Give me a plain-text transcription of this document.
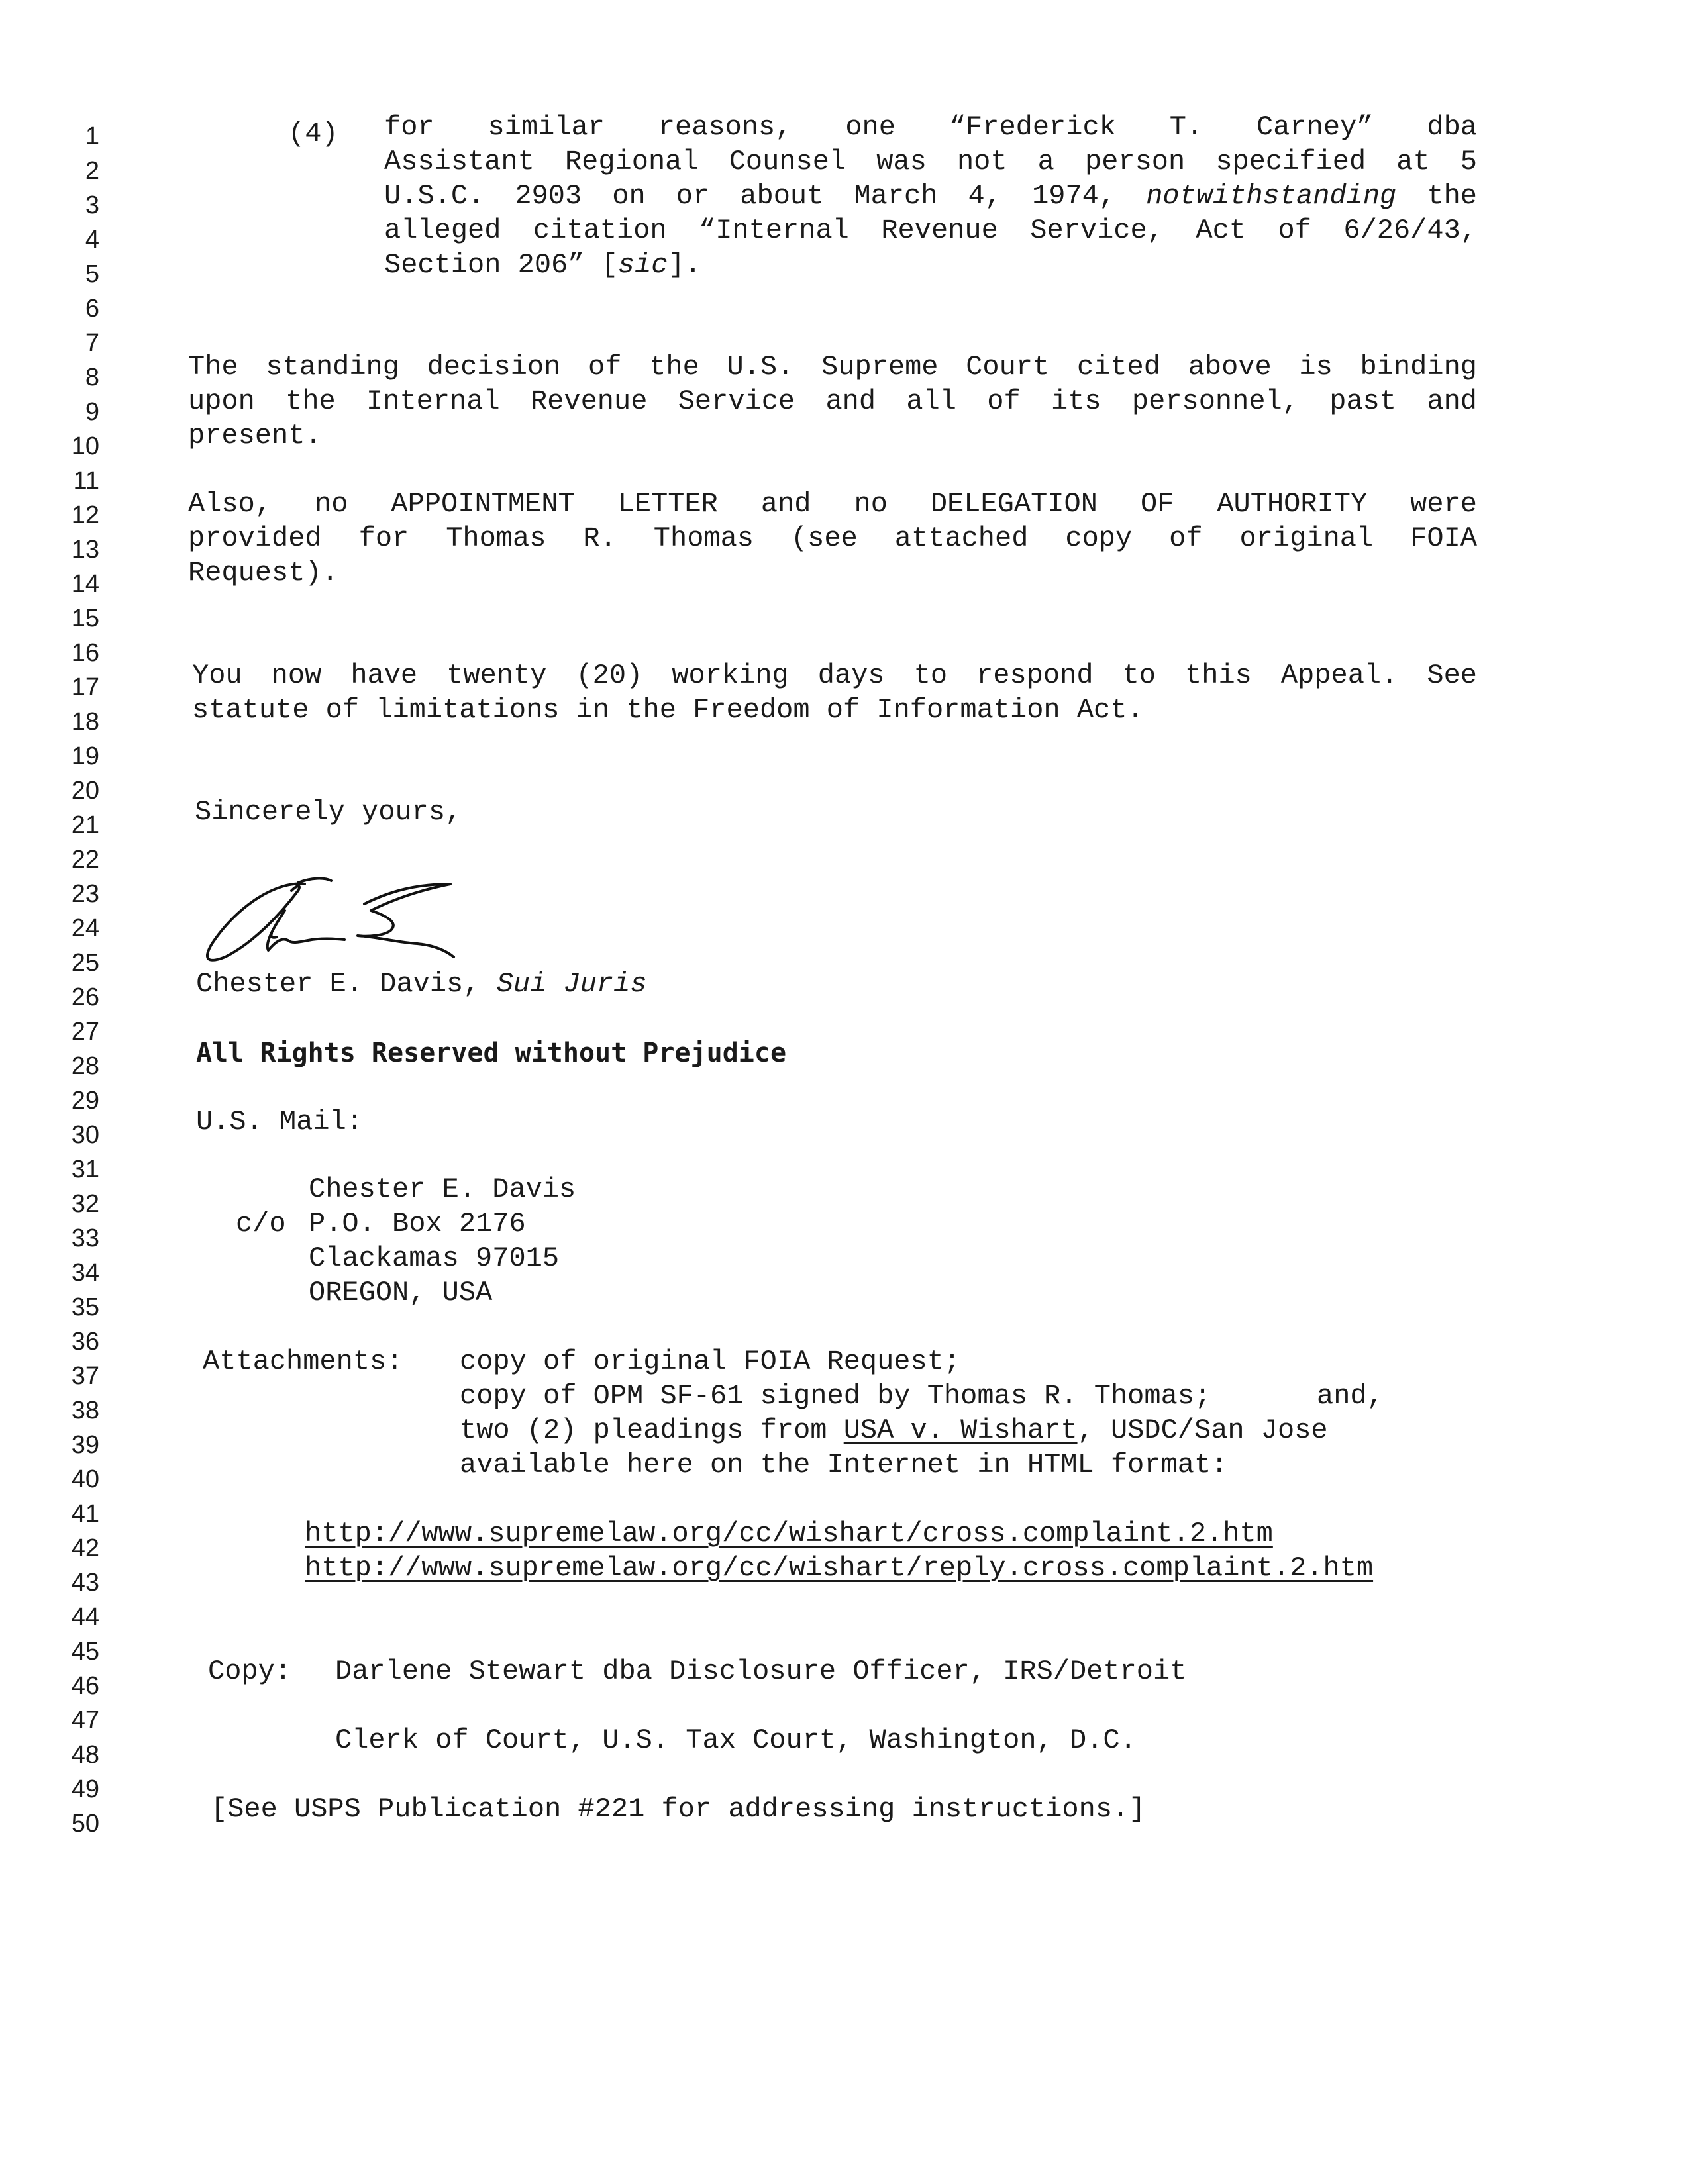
1
2
3
4
5
6
7
8
9
10
11
12
13
14
15
16
17
18
19
20
21
22
23
24
25
26
27
28
29
30
31
32
33
34
35
36
37
38
39
40
41
42
43
44
45
46
47
48
49
50
(4) for similar reasons, one “Frederick T. Carney” dba
Assistant Regional Counsel was not a person specified at 5
U.S.C. 2903 on or about March 4, 1974, notwithstanding the
alleged citation “Internal Revenue Service, Act of 6/26/43,
Section 206” [sic].
The standing decision of the U.S. Supreme Court cited above is binding
upon the Internal Revenue Service and all of its personnel, past and
present.
Also, no APPOINTMENT LETTER and no DELEGATION OF AUTHORITY were
provided for Thomas R. Thomas (see attached copy of original FOIA
Request).
You now have twenty (20) working days to respond to this Appeal. See
statute of limitations in the Freedom of Information Act.
Sincerely yours,
Chester E. Davis, Sui Juris
All Rights Reserved without Prejudice
U.S. Mail:
Chester E. Davis
c/o P.O. Box 2176
Clackamas 97015
OREGON, USA
Attachments: copy of original FOIA Request;
copy of OPM SF-61 signed by Thomas R. Thomas;	and,
two (2) pleadings from USA v. Wishart, USDC/San Jose
available here on the Internet in HTML format:
http://www.supremelaw.org/cc/wishart/cross.complaint.2.htm
http://www.supremelaw.org/cc/wishart/reply.cross.complaint.2.htm
Copy: Darlene Stewart dba Disclosure Officer, IRS/Detroit
Clerk of Court, U.S. Tax Court, Washington, D.C.
[See USPS Publication #221 for addressing instructions.]
